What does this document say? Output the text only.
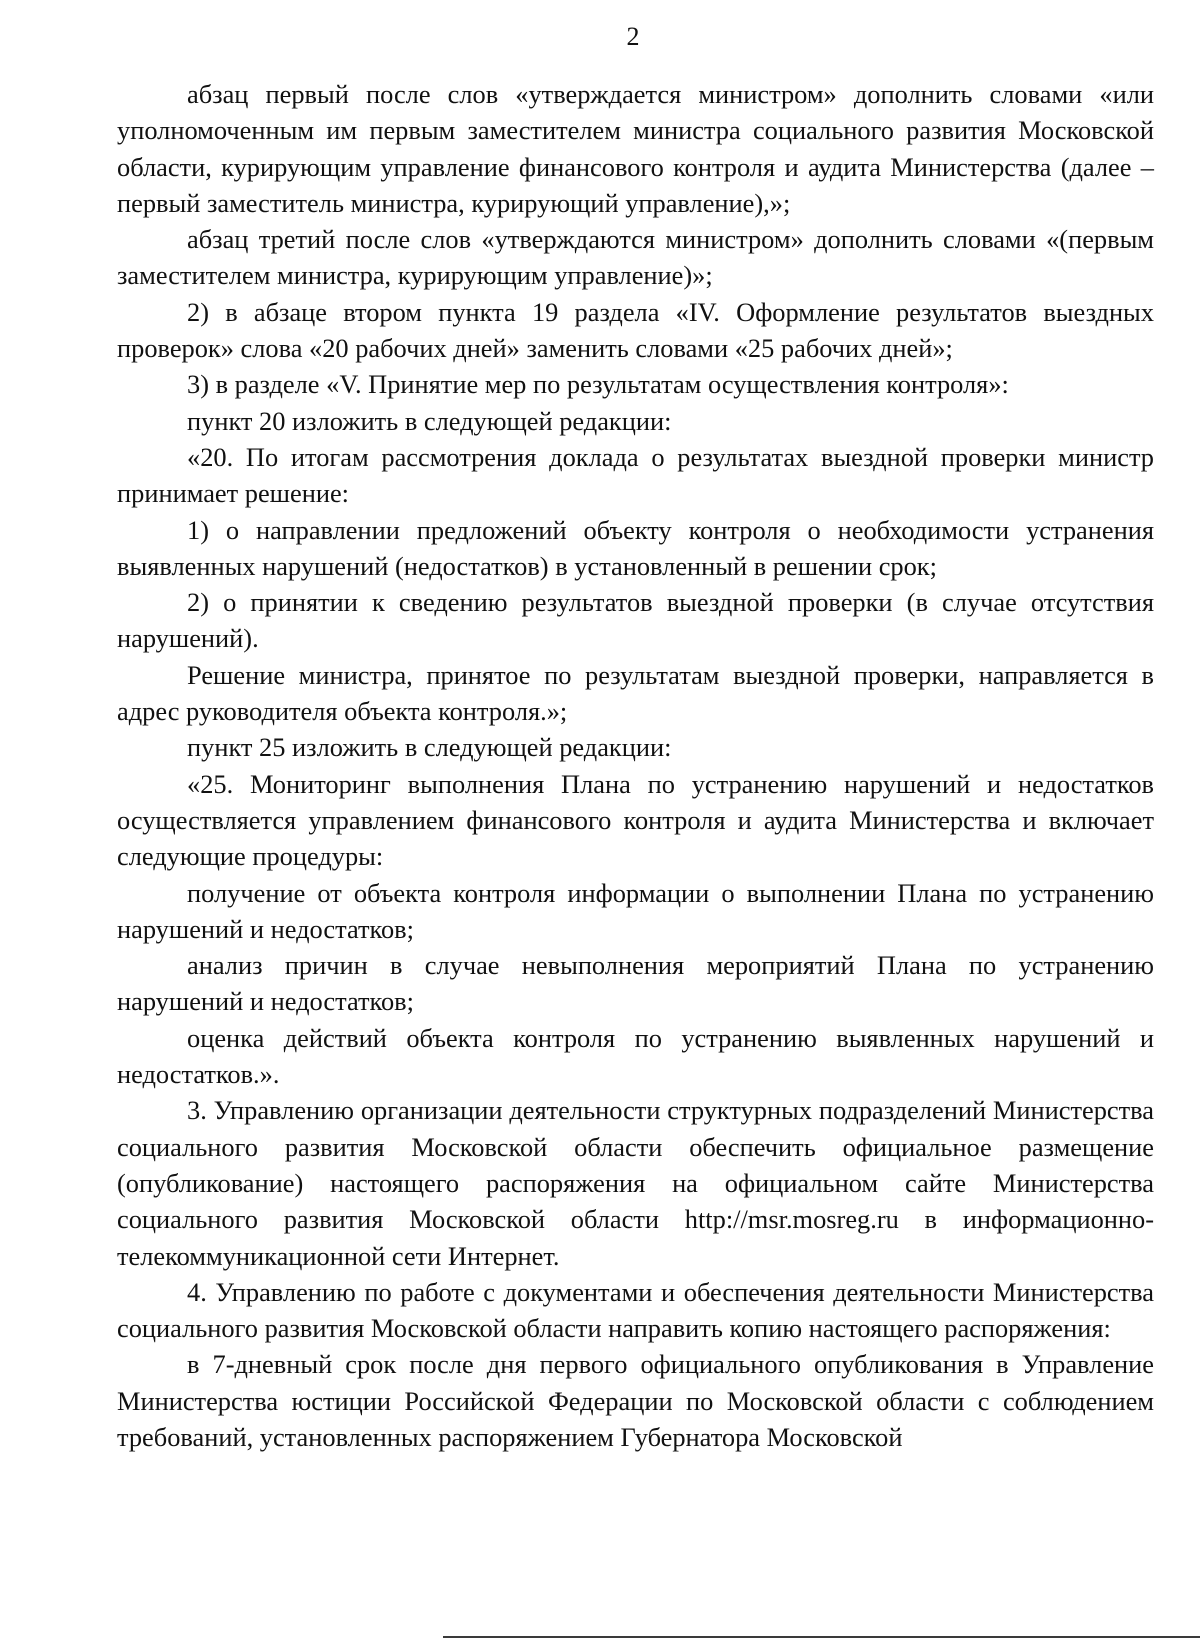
2

абзац первый после слов «утверждается министром» дополнить словами «или уполномоченным им первым заместителем министра социального развития Московской области, курирующим управление финансового контроля и аудита Министерства (далее – первый заместитель министра, курирующий управление),»;

абзац третий после слов «утверждаются министром» дополнить словами «(первым заместителем министра, курирующим управление)»;

2) в абзаце втором пункта 19 раздела «IV. Оформление результатов выездных проверок» слова «20 рабочих дней» заменить словами «25 рабочих дней»;

3) в разделе «V. Принятие мер по результатам осуществления контроля»:

пункт 20 изложить в следующей редакции:

«20. По итогам рассмотрения доклада о результатах выездной проверки министр принимает решение:

1) о направлении предложений объекту контроля о необходимости устранения выявленных нарушений (недостатков) в установленный в решении срок;

2) о принятии к сведению результатов выездной проверки (в случае отсутствия нарушений).

Решение министра, принятое по результатам выездной проверки, направляется в адрес руководителя объекта контроля.»;

пункт 25 изложить в следующей редакции:

«25. Мониторинг выполнения Плана по устранению нарушений и недостатков осуществляется управлением финансового контроля и аудита Министерства и включает следующие процедуры:

получение от объекта контроля информации о выполнении Плана по устранению нарушений и недостатков;

анализ причин в случае невыполнения мероприятий Плана по устранению нарушений и недостатков;

оценка действий объекта контроля по устранению выявленных нарушений и недостатков.».

3. Управлению организации деятельности структурных подразделений Министерства социального развития Московской области обеспечить официальное размещение (опубликование) настоящего распоряжения на официальном сайте Министерства социального развития Московской области http://msr.mosreg.ru в информационно-телекоммуникационной сети Интернет.

4. Управлению по работе с документами и обеспечения деятельности Министерства социального развития Московской области направить копию настоящего распоряжения:

в 7-дневный срок после дня первого официального опубликования в Управление Министерства юстиции Российской Федерации по Московской области с соблюдением требований, установленных распоряжением Губернатора Московской
